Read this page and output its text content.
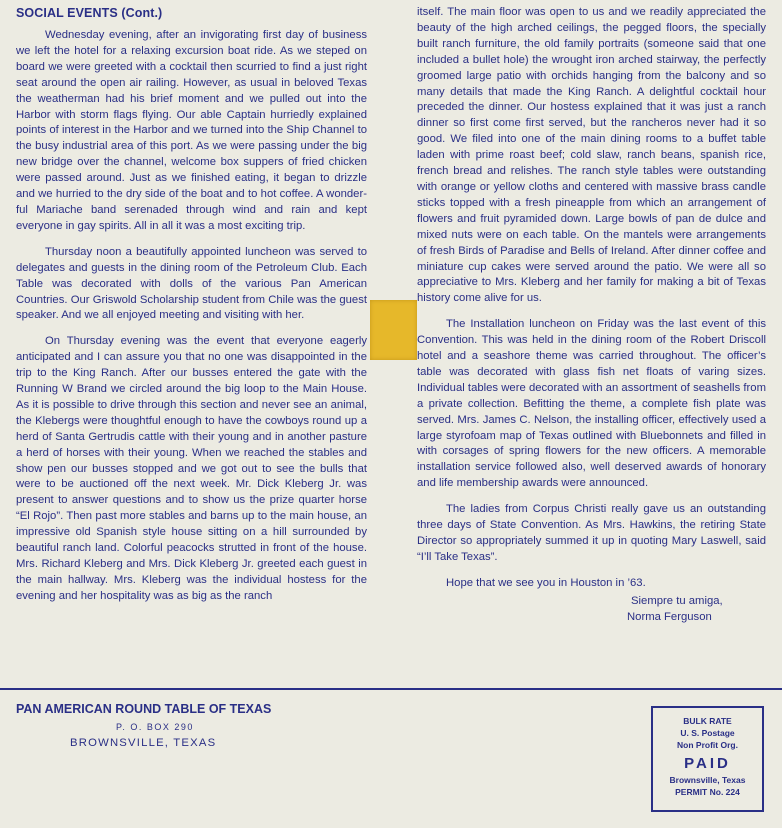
SOCIAL EVENTS (Cont.)

Wednesday evening, after an invigorating first day of business we left the hotel for a relaxing excursion boat ride. As we steped on board we were greeted with a cocktail then scurried to find a just right seat around the open air railing. However, as usual in beloved Texas the weatherman had his brief moment and we pulled out into the Harbor with storm flags flying. Our able Captain hurriedly explained points of interest in the Harbor and we turned into the Ship Channel to the busy industrial area of this port. As we were passing under the big new bridge over the channel, welcome box suppers of fried chicken were passed around. Just as we finished eating, it began to drizzle and we hurried to the dry side of the boat and to hot coffee. A wonderful Mariache band serenaded through wind and rain and kept everyone in gay spirits. All in all it was a most exciting trip.

Thursday noon a beautifully appointed luncheon was served to delegates and guests in the dining room of the Petroleum Club. Each Table was decorated with dolls of the various Pan American Countries. Our Griswold Scholarship student from Chile was the guest speaker. And we all enjoyed meeting and visiting with her.

On Thursday evening was the event that everyone eagerly anticipated and I can assure you that no one was disappointed in the trip to the King Ranch. After our busses entered the gate with the Running W Brand we circled around the big loop to the Main House. As it is possible to drive through this section and never see an animal, the Klebergs were thoughtful enough to have the cowboys round up a herd of Santa Gertrudis cattle with their young and in another pasture a herd of horses with their young. When we reached the stables and show pen our busses stopped and we got out to see the bulls that were to be auctioned off the next week. Mr. Dick Kleberg Jr. was present to answer questions and to show us the prize quarter horse “El Rojo”. Then past more stables and barns up to the main house, an impressive old Spanish style house sitting on a hill surrounded by beautiful ranch land. Colorful peacocks strutted in front of the house. Mrs. Richard Kleberg and Mrs. Dick Kleberg Jr. greeted each guest in the main hallway. Mrs. Kleberg was the individual hostess for the evening and her hospitality was as big as the ranch

itself. The main floor was open to us and we readily appreciated the beauty of the high arched ceilings, the pegged floors, the specially built ranch furniture, the old family portraits (someone said that one included a bullet hole) the wrought iron arched stairway, the perfectly groomed large patio with orchids hanging from the balcony and so many details that made the King Ranch. A delightful cocktail hour preceded the dinner. Our hostess explained that it was just a ranch dinner so first come first served, but the rancheros never had it so good. We filed into one of the main dining rooms to a buffet table laden with prime roast beef; cold slaw, ranch beans, spanish rice, french bread and relishes. The ranch style tables were outstanding with orange or yellow cloths and centered with massive brass candle sticks topped with a fresh pineapple from which an arrangement of flowers and fruit pyramided down. Large bowls of pan de dulce and mixed nuts were on each table. On the mantels were arrangements of fresh Birds of Paradise and Bells of Ireland. After dinner coffee and miniature cup cakes were served around the patio. We were all so appreciative to Mrs. Kleberg and her family for making a bit of Texas history come alive for us.

The Installation luncheon on Friday was the last event of this Convention. This was held in the dining room of the Robert Driscoll hotel and a seashore theme was carried throughout. The officer’s table was decorated with glass fish net floats of varing sizes. Individual tables were decorated with an assortment of seashells from a private collection. Befitting the theme, a complete fish plate was served. Mrs. James C. Nelson, the installing officer, effectively used a large styrofoam map of Texas outlined with Bluebonnets and filled in with corsages of spring flowers for the new officers. A memorable installation service followed also, well deserved awards of honorary and life membership awards were announced.

The ladies from Corpus Christi really gave us an outstanding three days of State Convention. As Mrs. Hawkins, the retiring State Director so appropriately summed it up in quoting Mary Laswell, said “I’ll Take Texas”.

Hope that we see you in Houston in ’63.
Siempre tu amiga,
Norma Ferguson
PAN AMERICAN ROUND TABLE OF TEXAS
P. O. BOX 290
BROWNSVILLE, TEXAS
BULK RATE
U. S. Postage
Non Profit Org.
PAID
Brownsville, Texas
PERMIT No. 224
